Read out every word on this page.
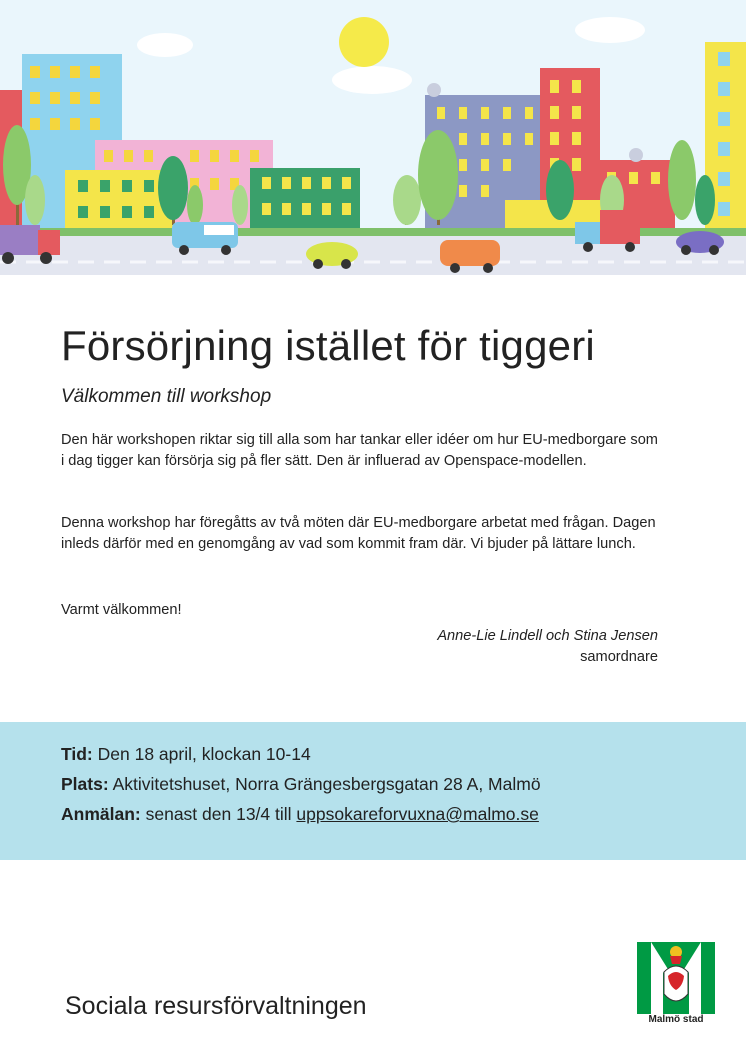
Försörjning istället för tiggeri
Välkommen till workshop

Den här workshopen riktar sig till alla som har tankar eller idéer om hur EU-medborgare som i dag tigger kan försörja sig på fler sätt. Den är influerad av Openspace-modellen.

Denna workshop har föregåtts av två möten där EU-medborgare arbetat med frågan. Dagen inleds därför med en genomgång av vad som kommit fram där. Vi bjuder på lättare lunch.

Varmt välkommen!
Anne-Lie Lindell och Stina Jensen
samordnare
Tid: Den 18 april, klockan 10-14
Plats: Aktivitetshuset, Norra Grängesbergsgatan 28 A, Malmö
Anmälan: senast den 13/4 till uppsokareforvuxna@malmo.se
Sociala resursförvaltningen	Malmö stad
